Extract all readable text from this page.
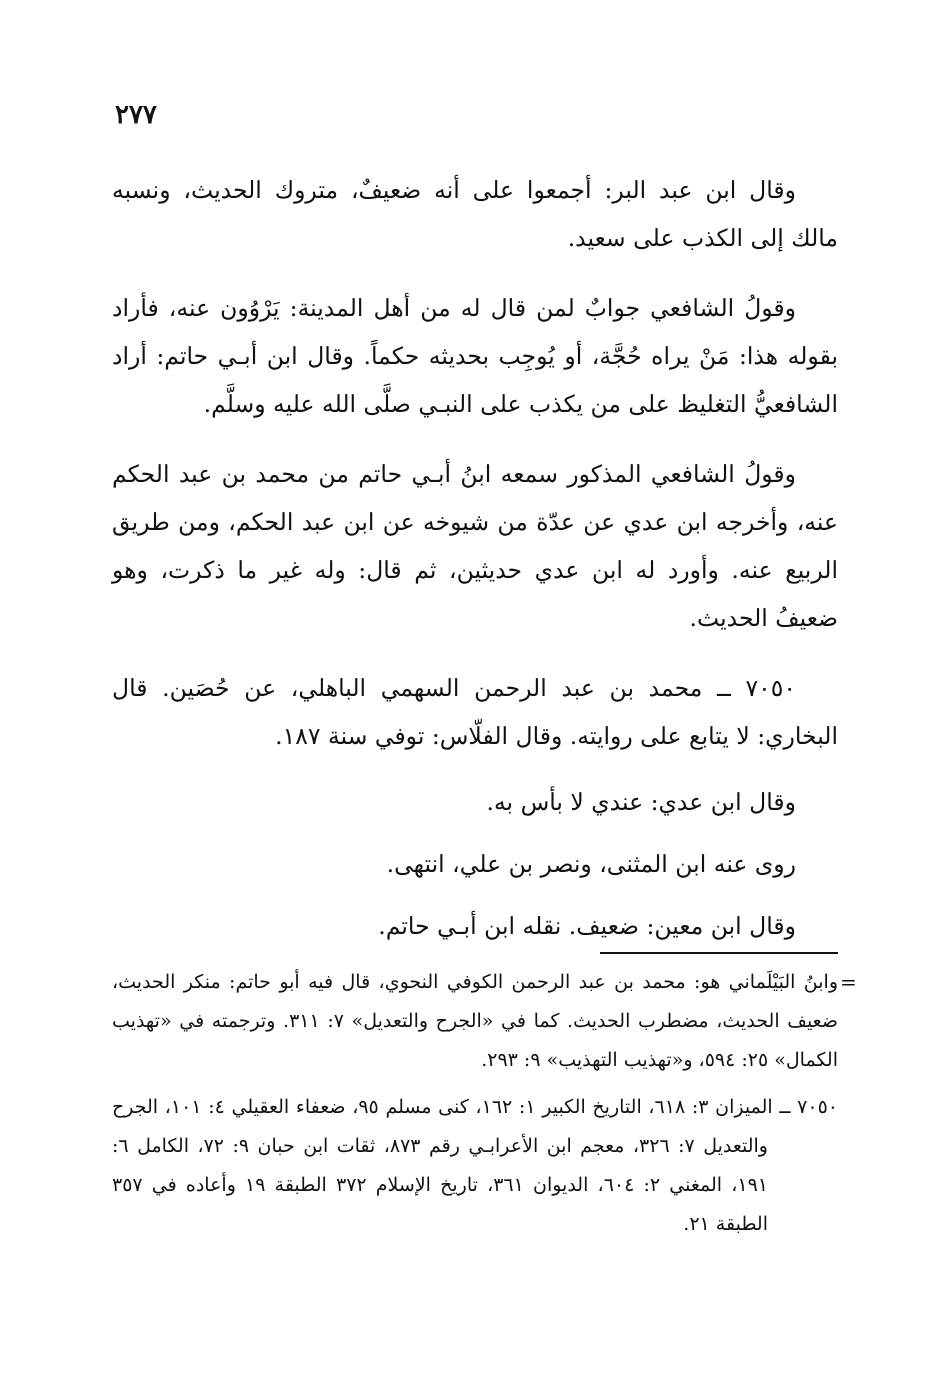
٢٧٧

وقال ابن عبد البر: أجمعوا على أنه ضعيفٌ، متروك الحديث، ونسبه مالك إلى الكذب على سعيد.

وقولُ الشافعي جوابٌ لمن قال له من أهل المدينة: يَرْوُون عنه، فأراد بقوله هذا: مَنْ يراه حُجَّة، أو يُوجِب بحديثه حكماً. وقال ابن أبـي حاتم: أراد الشافعيُّ التغليظ على من يكذب على النبـي صلَّى الله عليه وسلَّم.

وقولُ الشافعي المذكور سمعه ابنُ أبـي حاتم من محمد بن عبد الحكم عنه، وأخرجه ابن عدي عن عدّة من شيوخه عن ابن عبد الحكم، ومن طريق الربيع عنه. وأورد له ابن عدي حديثين، ثم قال: وله غير ما ذكرت، وهو ضعيفُ الحديث.

٧٠٥٠ ــ محمد بن عبد الرحمن السهمي الباهلي، عن حُصَين. قال البخاري: لا يتابع على روايته. وقال الفلّاس: توفي سنة ١٨٧.

وقال ابن عدي: عندي لا بأس به.

روى عنه ابن المثنى، ونصر بن علي، انتهى.

وقال ابن معين: ضعيف. نقله ابن أبـي حاتم.

=

وابنُ البَيْلَماني هو: محمد بن عبد الرحمن الكوفي النحوي، قال فيه أبو حاتم: منكر الحديث، ضعيف الحديث، مضطرب الحديث. كما في «الجرح والتعديل» ٧: ٣١١. وترجمته في «تهذيب الكمال» ٢٥: ٥٩٤، و«تهذيب التهذيب» ٩: ٢٩٣.

٧٠٥٠ ــ الميزان ٣: ٦١٨، التاريخ الكبير ١: ١٦٢، كنى مسلم ٩٥، ضعفاء العقيلي ٤: ١٠١، الجرح والتعديل ٧: ٣٢٦، معجم ابن الأعرابـي رقم ٨٧٣، ثقات ابن حبان ٩: ٧٢، الكامل ٦: ١٩١، المغني ٢: ٦٠٤، الديوان ٣٦١، تاريخ الإسلام ٣٧٢ الطبقة ١٩ وأعاده في ٣٥٧ الطبقة ٢١.
